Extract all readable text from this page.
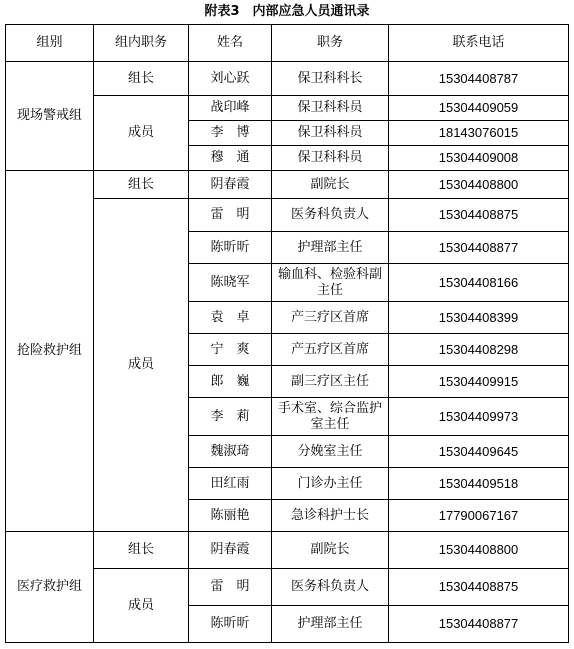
附表3　内部应急人员通讯录
组别	组内职务	姓名	职务	联系电话
现场警戒组	组长	刘心跃	保卫科科长	15304408787
	成员	战印峰	保卫科科员	15304409059
		李　博	保卫科科员	18143076015
		穆　通	保卫科科员	15304409008
抢险救护组	组长	阴春霞	副院长	15304408800
	成员	雷　明	医务科负责人	15304408875
		陈昕昕	护理部主任	15304408877
		陈晓军	输血科、检验科副主任	15304408166
		袁　卓	产三疗区首席	15304408399
		宁　爽	产五疗区首席	15304408298
		郎　巍	副三疗区主任	15304409915
		李　莉	手术室、综合监护室主任	15304409973
		魏淑琦	分娩室主任	15304409645
		田红雨	门诊办主任	15304409518
		陈丽艳	急诊科护士长	17790067167
医疗救护组	组长	阴春霞	副院长	15304408800
	成员	雷　明	医务科负责人	15304408875
		陈昕昕	护理部主任	15304408877
